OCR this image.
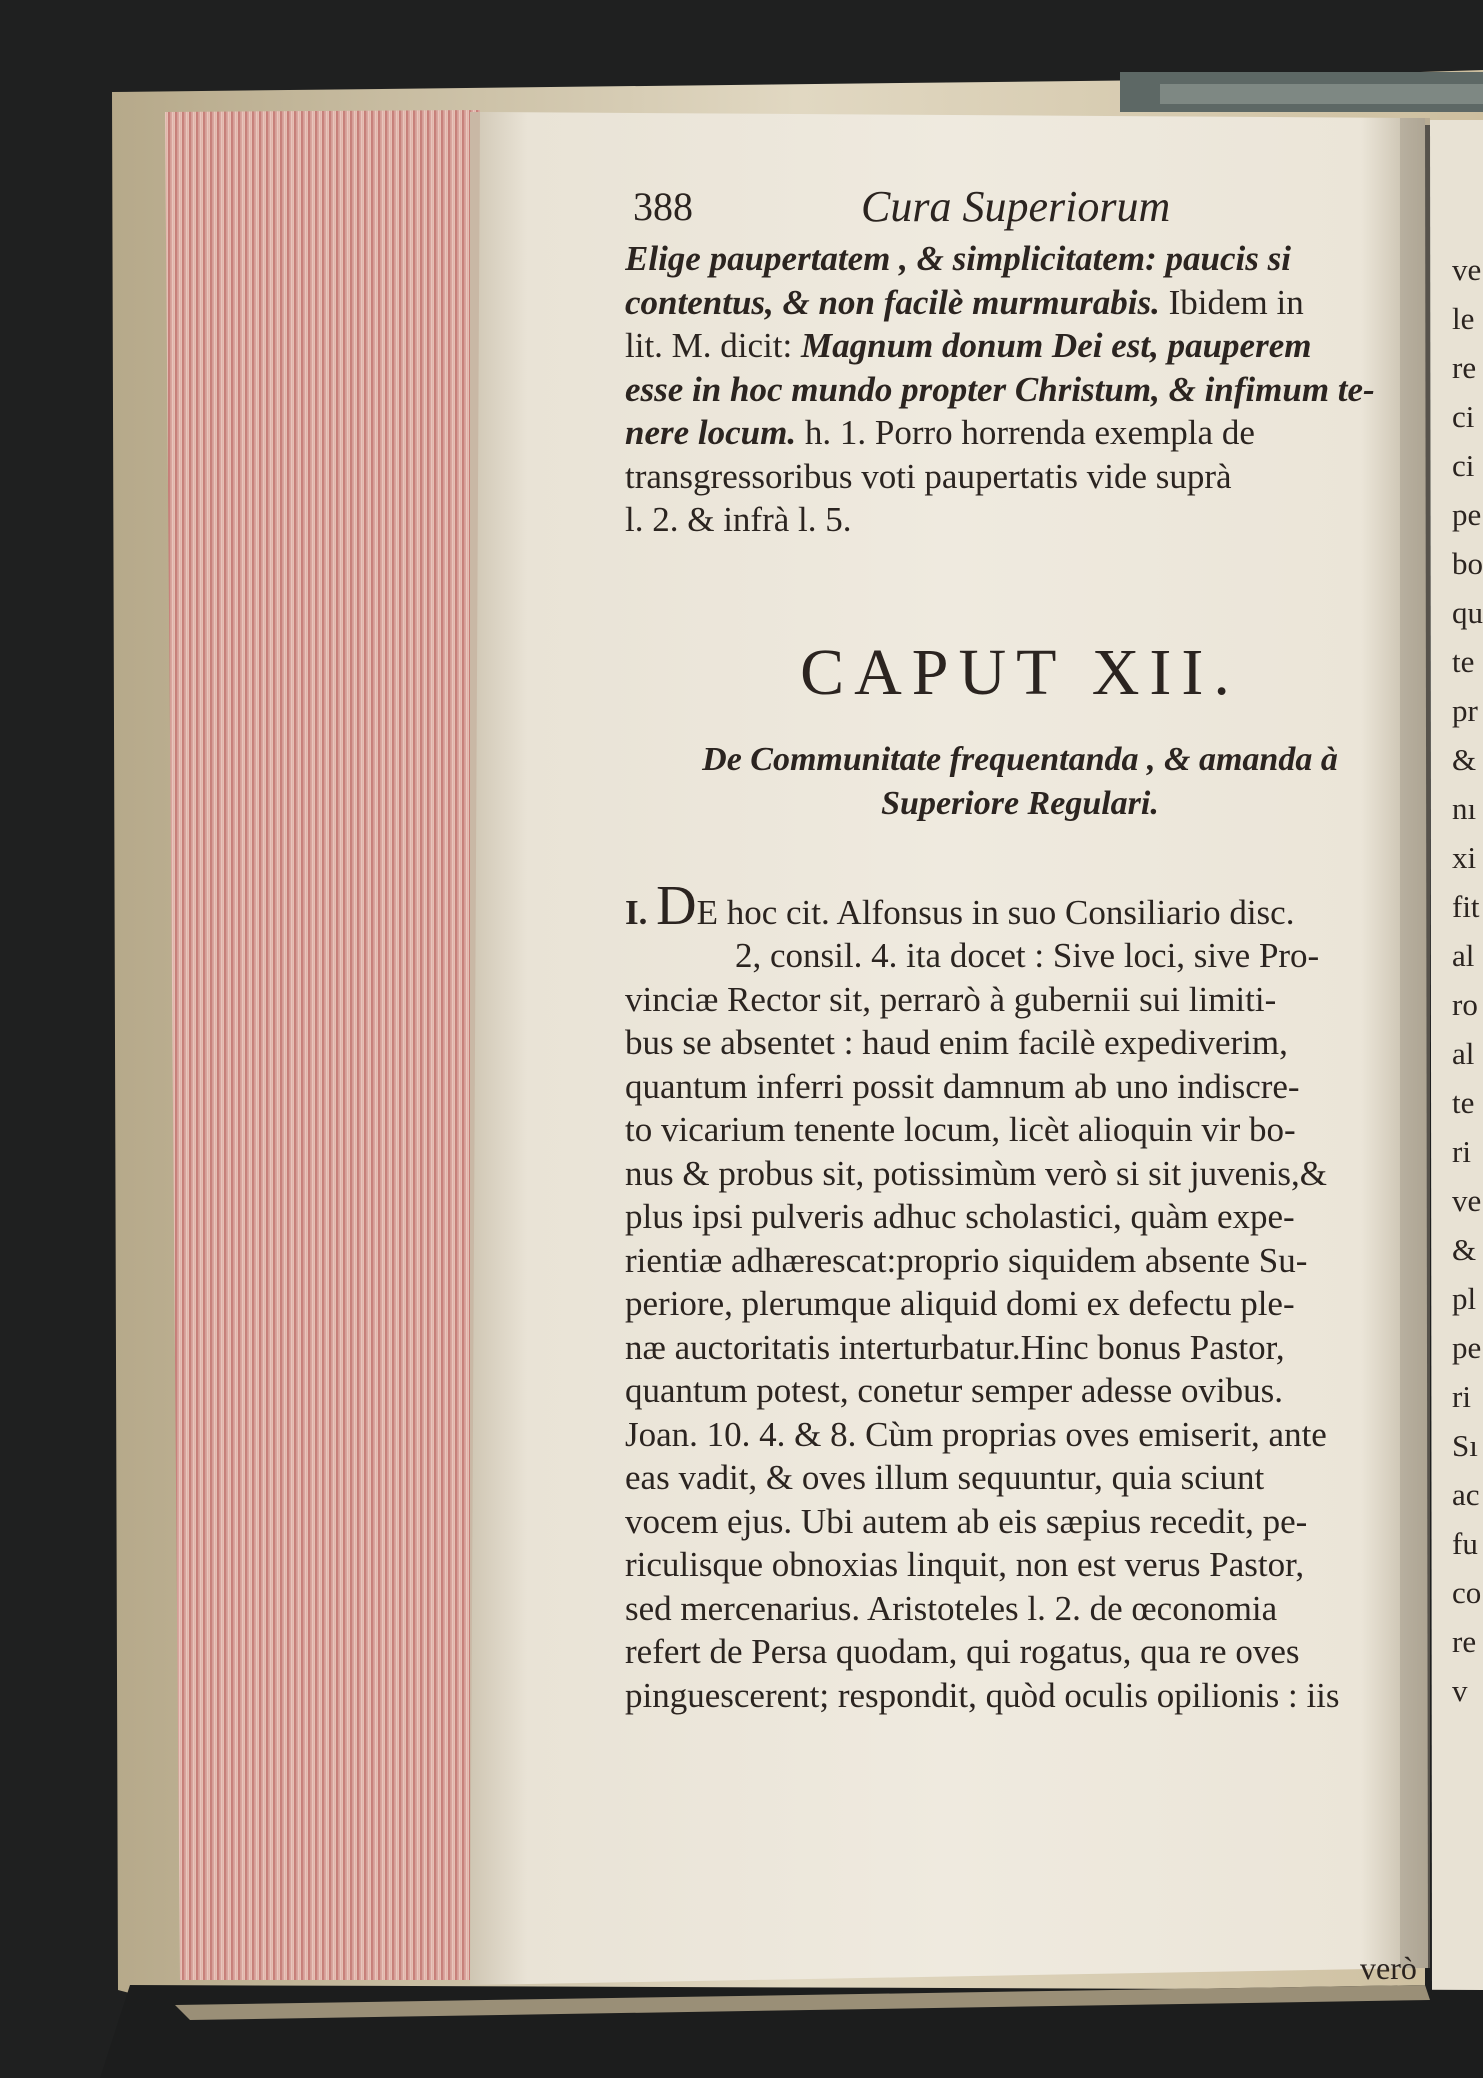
388	Cura Superiorum
Elige paupertatem , & simplicitatem: paucis si
contentus, & non facilè murmurabis. Ibidem in
lit. M. dicit: Magnum donum Dei est, pauperem
esse in hoc mundo propter Christum, & infimum te-
nere locum. h. 1. Porro horrenda exempla de
transgressoribus voti paupertatis vide suprà
l. 2. & infrà l. 5.
CAPUT XII.
De Communitate frequentanda , & amanda à
Superiore Regulari.
I. DE hoc cit. Alfonsus in suo Consiliario disc.
2, consil. 4. ita docet : Sive loci, sive Pro-
vinciæ Rector sit, perrarò à gubernii sui limiti-
bus se absentet : haud enim facilè expediverim,
quantum inferri possit damnum ab uno indiscre-
to vicarium tenente locum, licèt alioquin vir bo-
nus & probus sit, potissimùm verò si sit juvenis,&
plus ipsi pulveris adhuc scholastici, quàm expe-
rientiæ adhærescat:proprio siquidem absente Su-
periore, plerumque aliquid domi ex defectu ple-
næ auctoritatis interturbatur.Hinc bonus Pastor,
quantum potest, conetur semper adesse ovibus.
Joan. 10. 4. & 8. Cùm proprias oves emiserit, ante
eas vadit, & oves illum sequuntur, quia sciunt
vocem ejus. Ubi autem ab eis sæpius recedit, pe-
riculisque obnoxias linquit, non est verus Pastor,
sed mercenarius. Aristoteles l. 2. de œconomia
refert de Persa quodam, qui rogatus, qua re oves
pinguescerent; respondit, quòd oculis opilionis : iis
verò
ve
le
re
ci
ci
pe
bo
qu
te
pr
&
nı
xi
fit
al
ro
al
te
ri
ve
&
pl
pe
ri
Sı
ac
fu
co
re
v
